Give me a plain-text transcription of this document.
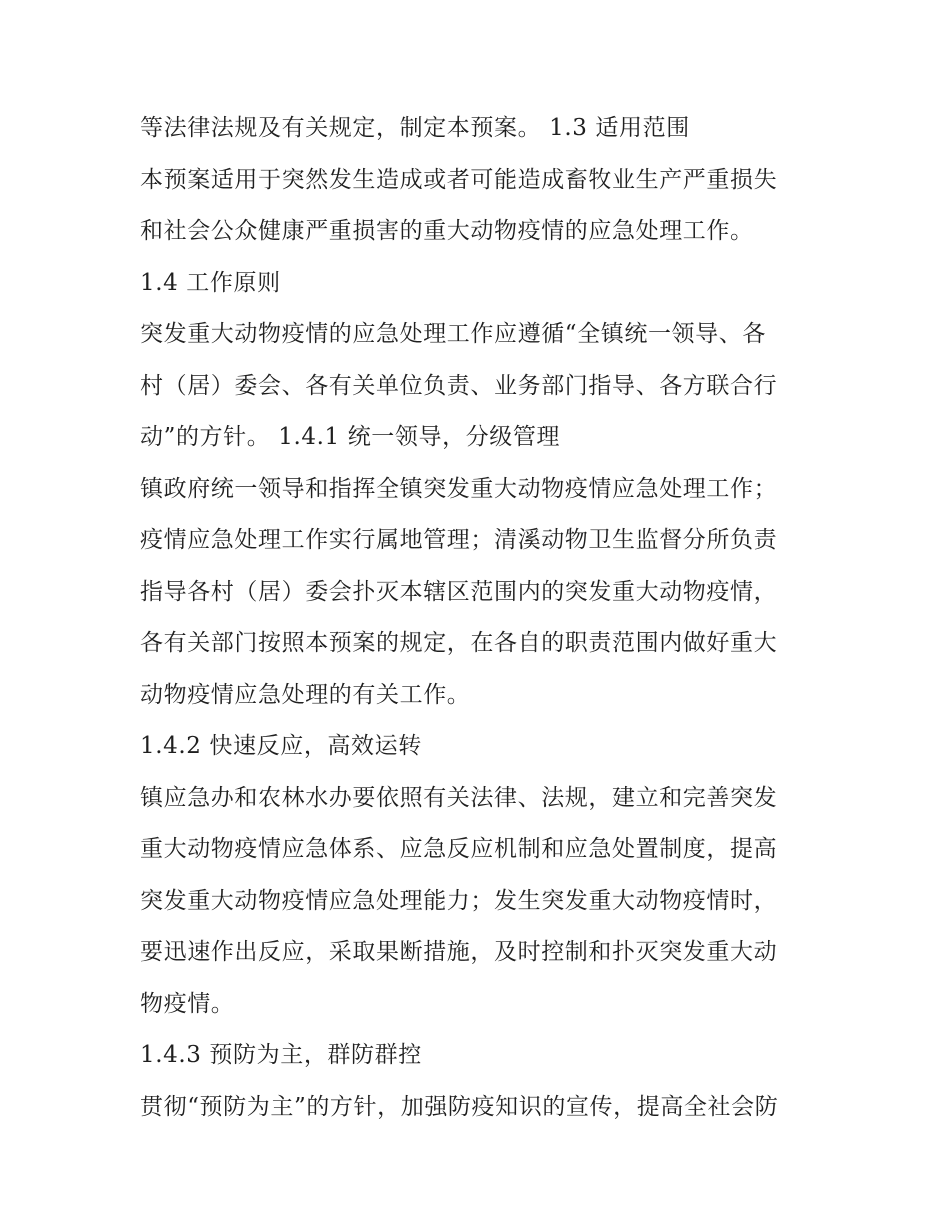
等法律法规及有关规定，制定本预案。 1.3 适用范围
本预案适用于突然发生造成或者可能造成畜牧业生产严重损失
和社会公众健康严重损害的重大动物疫情的应急处理工作。
1.4 工作原则
突发重大动物疫情的应急处理工作应遵循“全镇统一领导、各
村（居）委会、各有关单位负责、业务部门指导、各方联合行
动”的方针。 1.4.1 统一领导，分级管理
镇政府统一领导和指挥全镇突发重大动物疫情应急处理工作；
疫情应急处理工作实行属地管理；清溪动物卫生监督分所负责
指导各村（居）委会扑灭本辖区范围内的突发重大动物疫情，
各有关部门按照本预案的规定，在各自的职责范围内做好重大
动物疫情应急处理的有关工作。
1.4.2 快速反应，高效运转
镇应急办和农林水办要依照有关法律、法规，建立和完善突发
重大动物疫情应急体系、应急反应机制和应急处置制度，提高
突发重大动物疫情应急处理能力；发生突发重大动物疫情时，
要迅速作出反应，采取果断措施，及时控制和扑灭突发重大动
物疫情。
1.4.3 预防为主，群防群控
贯彻“预防为主”的方针，加强防疫知识的宣传，提高全社会防
